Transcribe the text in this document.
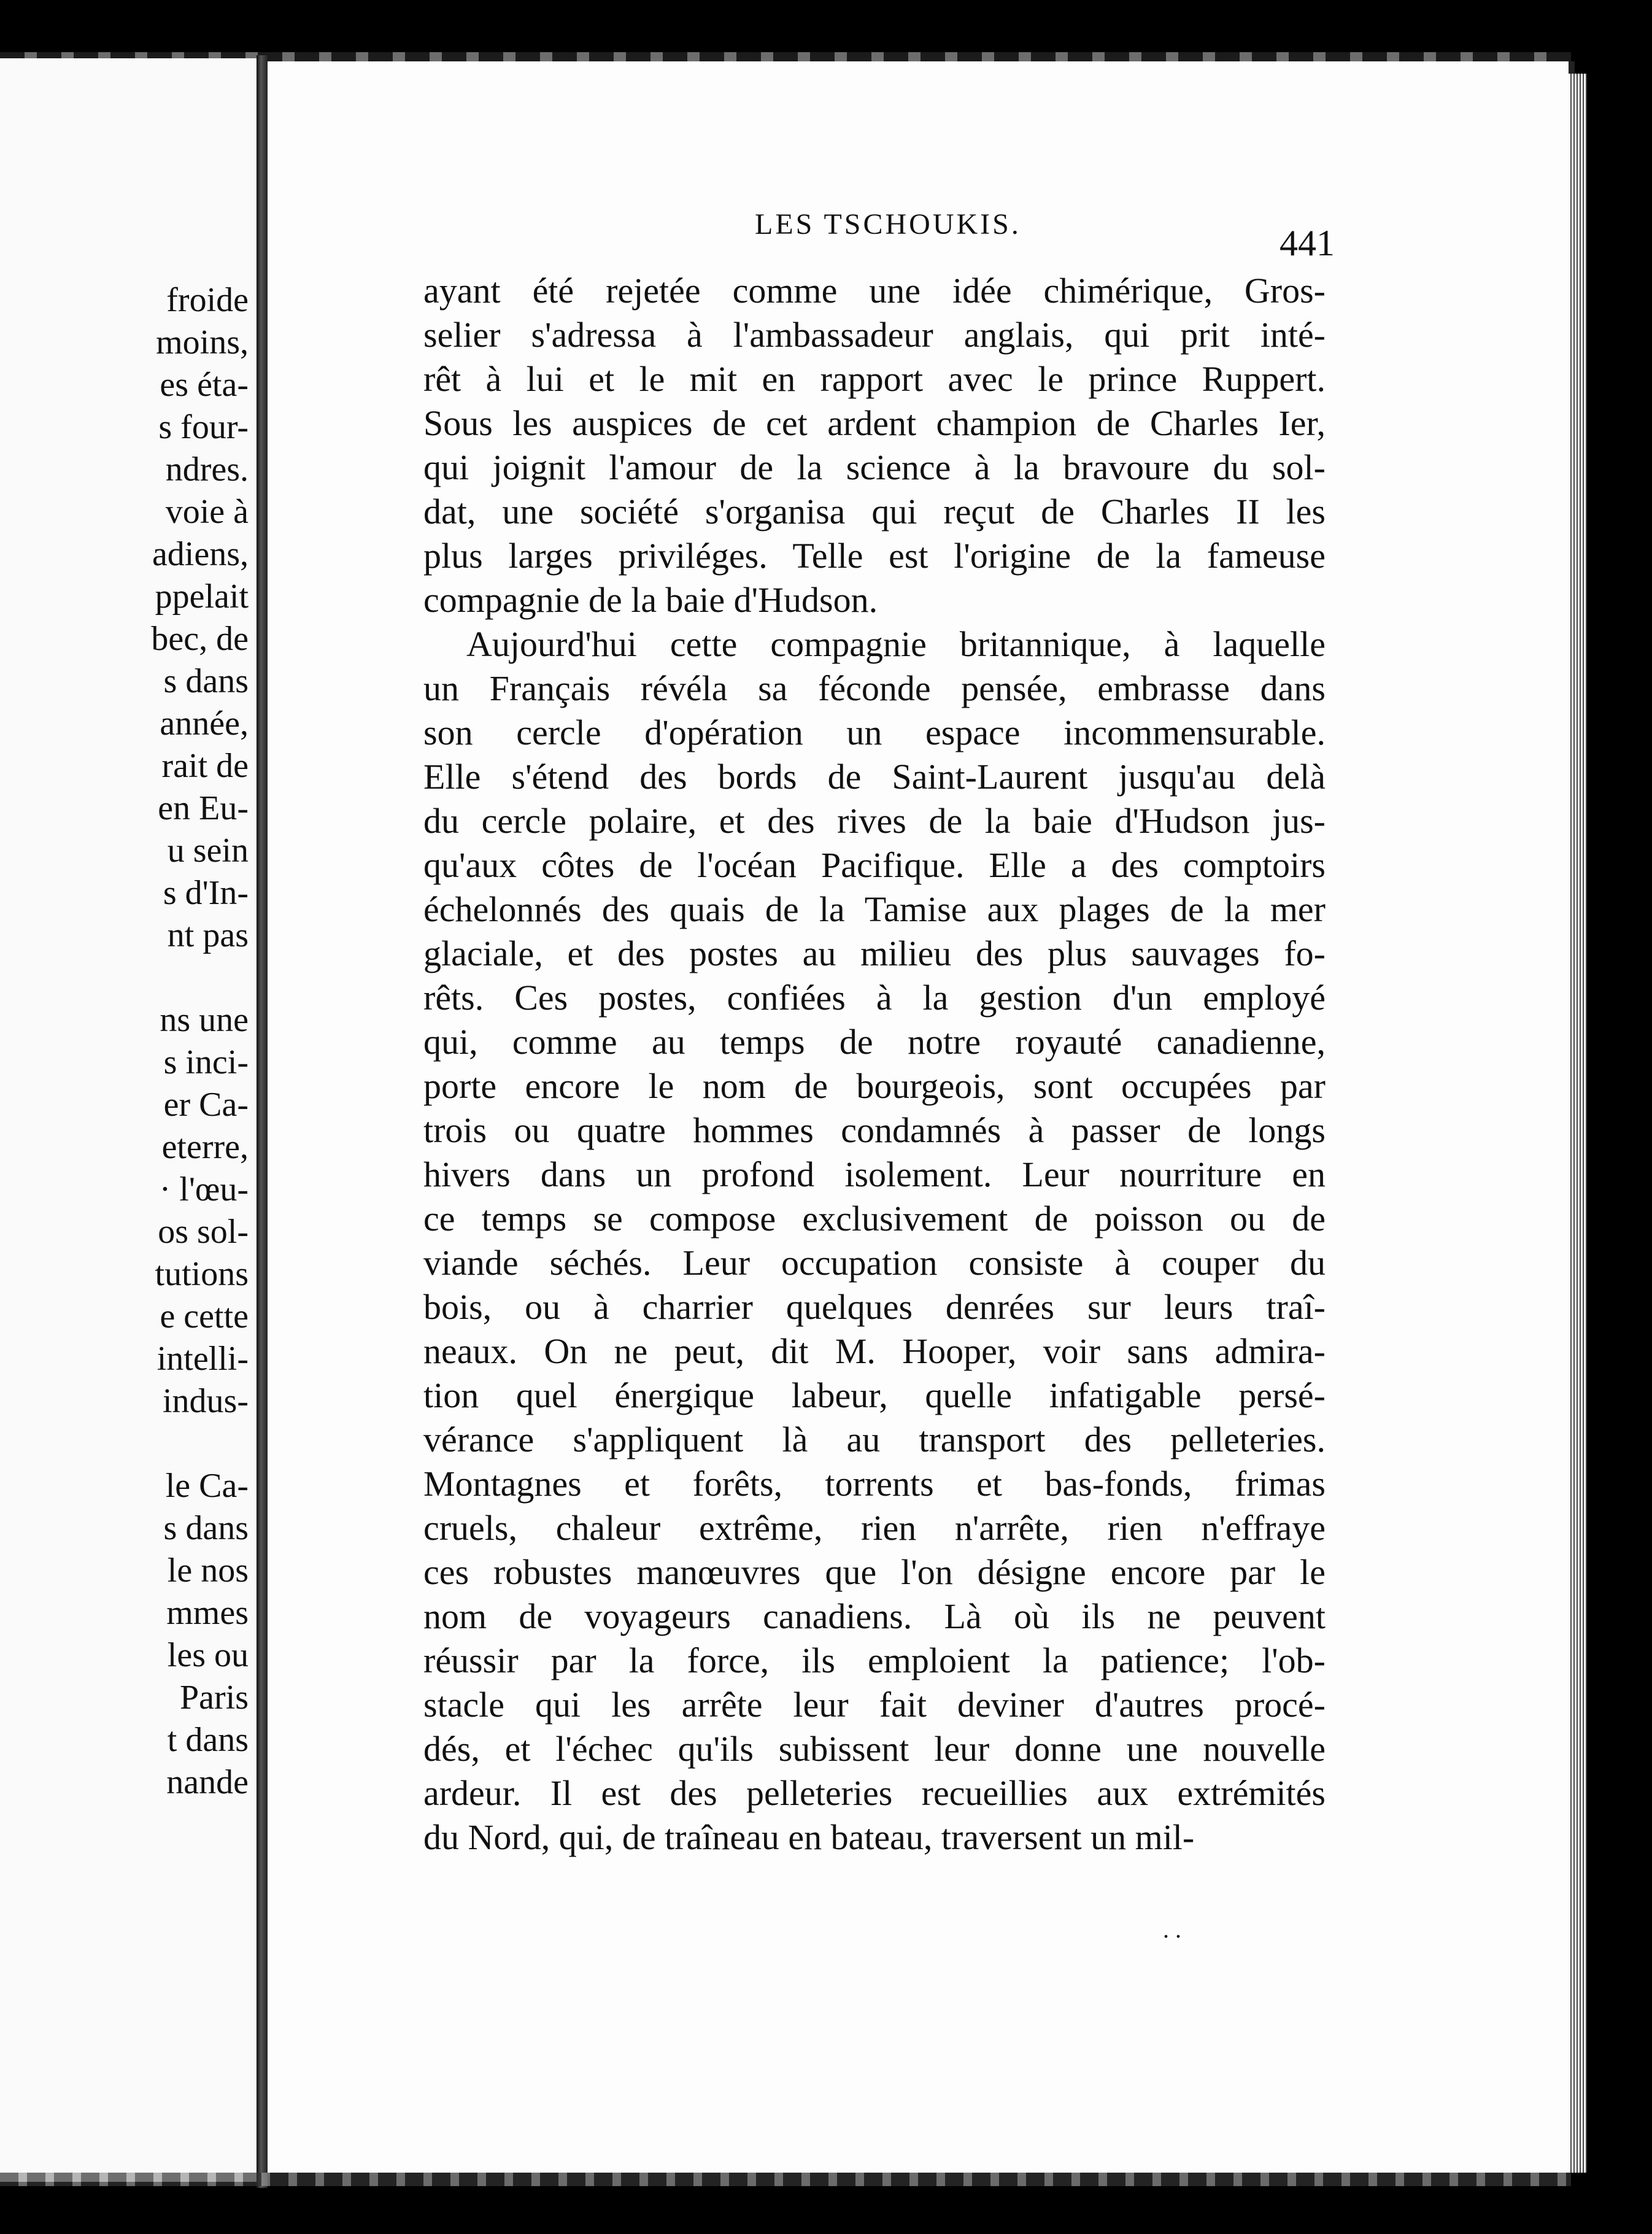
froide
moins,
es éta-
s four-
ndres.
voie à
adiens,
ppelait
bec, de
s dans
année,
rait de
en Eu-
u sein
s d'In-
nt pas
ns une
s inci-
er Ca-
eterre,
· l'œu-
os sol-
tutions
e cette
intelli-
indus-
le Ca-
s dans
le nos
mmes
les ou
Paris
t dans
nande
LES TSCHOUKIS.	441
ayant été rejetée comme une idée chimérique, Gros-
selier s'adressa à l'ambassadeur anglais, qui prit inté-
rêt à lui et le mit en rapport avec le prince Ruppert.
Sous les auspices de cet ardent champion de Charles Ier,
qui joignit l'amour de la science à la bravoure du sol-
dat, une société s'organisa qui reçut de Charles II les
plus larges priviléges. Telle est l'origine de la fameuse
compagnie de la baie d'Hudson.
Aujourd'hui cette compagnie britannique, à laquelle
un Français révéla sa féconde pensée, embrasse dans
son cercle d'opération un espace incommensurable.
Elle s'étend des bords de Saint-Laurent jusqu'au delà
du cercle polaire, et des rives de la baie d'Hudson jus-
qu'aux côtes de l'océan Pacifique. Elle a des comptoirs
échelonnés des quais de la Tamise aux plages de la mer
glaciale, et des postes au milieu des plus sauvages fo-
rêts. Ces postes, confiées à la gestion d'un employé
qui, comme au temps de notre royauté canadienne,
porte encore le nom de bourgeois, sont occupées par
trois ou quatre hommes condamnés à passer de longs
hivers dans un profond isolement. Leur nourriture en
ce temps se compose exclusivement de poisson ou de
viande séchés. Leur occupation consiste à couper du
bois, ou à charrier quelques denrées sur leurs traî-
neaux. On ne peut, dit M. Hooper, voir sans admira-
tion quel énergique labeur, quelle infatigable persé-
vérance s'appliquent là au transport des pelleteries.
Montagnes et forêts, torrents et bas-fonds, frimas
cruels, chaleur extrême, rien n'arrête, rien n'effraye
ces robustes manœuvres que l'on désigne encore par le
nom de voyageurs canadiens. Là où ils ne peuvent
réussir par la force, ils emploient la patience; l'ob-
stacle qui les arrête leur fait deviner d'autres procé-
dés, et l'échec qu'ils subissent leur donne une nouvelle
ardeur. Il est des pelleteries recueillies aux extrémités
du Nord, qui, de traîneau en bateau, traversent un mil-
. .
